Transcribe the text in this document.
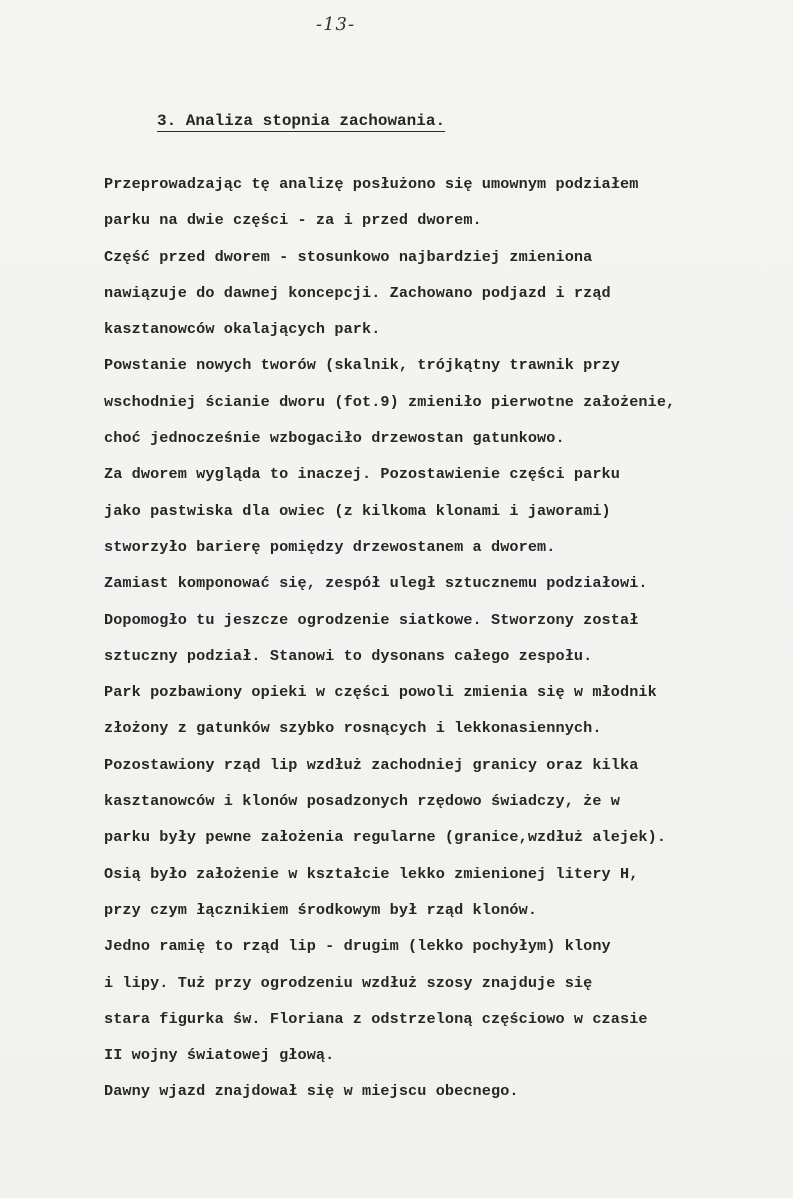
-13-
3. Analiza stopnia zachowania.
Przeprowadzając tę analizę posłużono się umownym podziałem
parku na dwie części - za i przed dworem.
Część przed dworem - stosunkowo najbardziej zmieniona
nawiązuje do dawnej koncepcji. Zachowano podjazd i rząd
kasztanowców okalających park.
Powstanie nowych tworów (skalnik, trójkątny trawnik przy
wschodniej ścianie dworu (fot.9) zmieniło pierwotne założenie,
choć jednocześnie wzbogaciło drzewostan gatunkowo.
Za dworem wygląda to inaczej. Pozostawienie części parku
jako pastwiska dla owiec (z kilkoma klonami i jaworami)
stworzyło barierę pomiędzy drzewostanem a dworem.
Zamiast komponować się, zespół uległ sztucznemu podziałowi.
Dopomogło tu jeszcze ogrodzenie siatkowe. Stworzony został
sztuczny podział. Stanowi to dysonans całego zespołu.
Park pozbawiony opieki w części powoli zmienia się w młodnik
złożony z gatunków szybko rosnących i lekkonasiennych.
Pozostawiony rząd lip wzdłuż zachodniej granicy oraz kilka
kasztanowców i klonów posadzonych rzędowo świadczy, że w
parku były pewne założenia regularne (granice,wzdłuż alejek).
Osią było założenie w kształcie lekko zmienionej litery H,
przy czym łącznikiem środkowym był rząd klonów.
Jedno ramię to rząd lip - drugim (lekko pochyłym) klony
i lipy. Tuż przy ogrodzeniu wzdłuż szosy znajduje się
stara figurka św. Floriana z odstrzeloną częściowo w czasie
II wojny światowej głową.
Dawny wjazd znajdował się w miejscu obecnego.
